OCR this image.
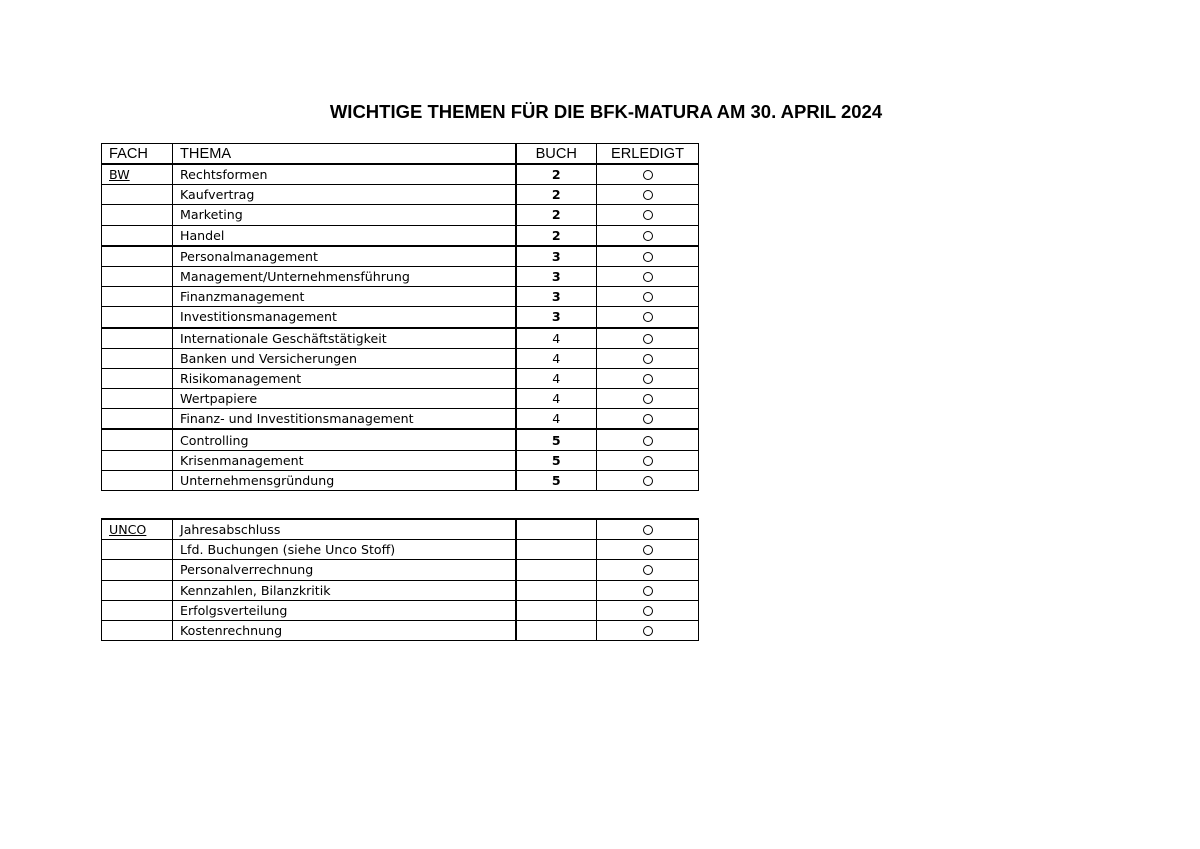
WICHTIGE THEMEN FÜR DIE BFK-MATURA AM 30. APRIL 2024
FACH	THEMA	BUCH	ERLEDIGT
BW	Rechtsformen	2	
	Kaufvertrag	2	
	Marketing	2	
	Handel	2	
	Personalmanagement	3	
	Management/Unternehmensführung	3	
	Finanzmanagement	3	
	Investitionsmanagement	3	
	Internationale Geschäftstätigkeit	4	
	Banken und Versicherungen	4	
	Risikomanagement	4	
	Wertpapiere	4	
	Finanz- und Investitionsmanagement	4	
	Controlling	5	
	Krisenmanagement	5	
	Unternehmensgründung	5	
UNCO	Jahresabschluss		
	Lfd. Buchungen (siehe Unco Stoff)		
	Personalverrechnung		
	Kennzahlen, Bilanzkritik		
	Erfolgsverteilung		
	Kostenrechnung		
